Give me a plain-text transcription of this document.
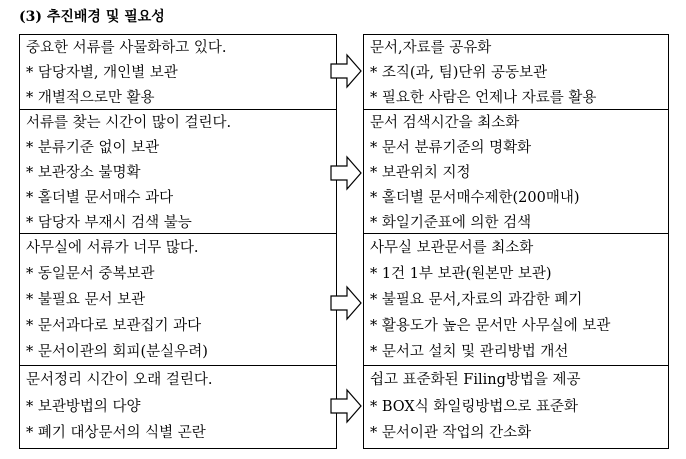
(3) 추진배경 및 필요성
중요한 서류를 사물화하고 있다.
* 담당자별, 개인별 보관
* 개별적으로만 활용
서류를 찾는 시간이 많이 걸린다.
* 분류기준 없이 보관
* 보관장소 불명확
* 홀더별 문서매수 과다
* 담당자 부재시 검색 불능
사무실에 서류가 너무 많다.
* 동일문서 중복보관
* 불필요 문서 보관
* 문서과다로 보관집기 과다
* 문서이관의 회피(분실우려)
문서정리 시간이 오래 걸린다.
* 보관방법의 다양
* 폐기 대상문서의 식별 곤란
문서,자료를 공유화
* 조직(과, 팀)단위 공동보관
* 필요한 사람은 언제나 자료를 활용
문서 검색시간을 최소화
* 문서 분류기준의 명확화
* 보관위치 지정
* 홀더별 문서매수제한(200매내)
* 화일기준표에 의한 검색
사무실 보관문서를 최소화
* 1건 1부 보관(원본만 보관)
* 불필요 문서,자료의 과감한 폐기
* 활용도가 높은 문서만 사무실에 보관
* 문서고 설치 및 관리방법 개선
쉽고 표준화된 Filing방법을 제공
* BOX식 화일링방법으로 표준화
* 문서이관 작업의 간소화
